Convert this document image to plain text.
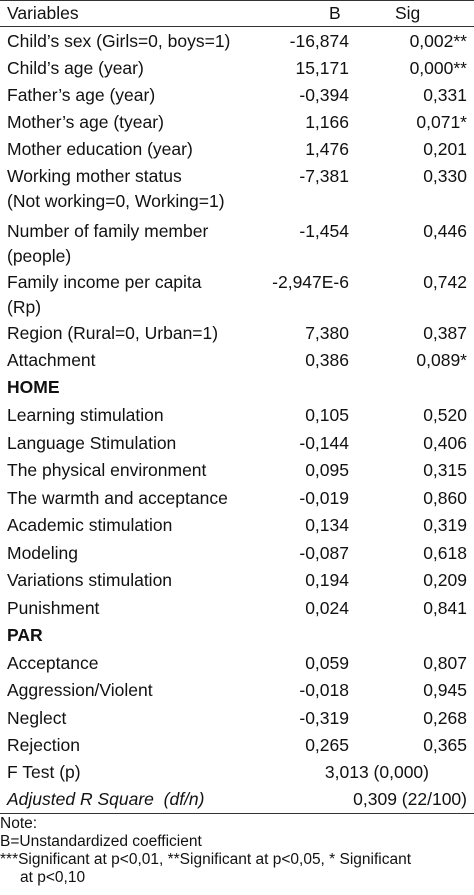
Variables	B	Sig
Child’s sex (Girls=0, boys=1)	-16,874	0,002**
Child’s age (year)	15,171	0,000**
Father’s age (year)	-0,394	0,331
Mother’s age (tyear)	1,166	0,071*
Mother education (year)	1,476	0,201
Working mother status
(Not working=0, Working=1)
-7,381	0,330
Number of family member
(people)
-1,454	0,446
Family income per capita
(Rp)
-2,947E-6	0,742
Region (Rural=0, Urban=1)	7,380	0,387
Attachment	0,386	0,089*
HOME
Learning stimulation	0,105	0,520
Language Stimulation	-0,144	0,406
The physical environment	0,095	0,315
The warmth and acceptance	-0,019	0,860
Academic stimulation	0,134	0,319
Modeling	-0,087	0,618
Variations stimulation	0,194	0,209
Punishment	0,024	0,841
PAR
Acceptance	0,059	0,807
Aggression/Violent	-0,018	0,945
Neglect	-0,319	0,268
Rejection	0,265	0,365
F Test (p)	3,013 (0,000)
Adjusted R Square (df/n)	0,309 (22/100)
Note:
B=Unstandardized coefficient
***Significant at p<0,01, **Significant at p<0,05, * Significant
at p<0,10
